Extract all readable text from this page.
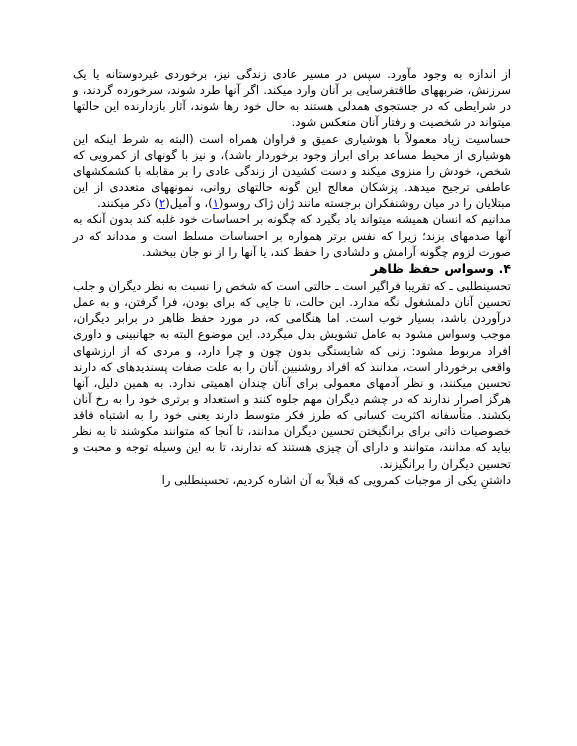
از اندازه به وجود مآورد. سپس در مسیر عادی زندگی نیز، برخوردی غیردوستانه یا یک سرزنش، ضربههای طاقتفرسایی بر آنان وارد میکند. اگر آنها طرد شوند، سرخورده گردند، و در شرایطی که در جستجوی همدلی هستند به حال خود رها شوند، آثار بازدارنده این حالتها میتواند در شخصیت و رفتار آنان منعکس شود.

حساسیت زیاد معمولاً با هوشیاری عمیق و فراوان همراه است (البته به شرط اینکه این هوشیاری از محیط مساعد برای ابراز وجود برخوردار باشد)، و نیز با گونهای از کمرویی که شخص، خودش را منزوی میکند و دست کشیدن از زندگی عادی را بر مقابله با کشمکشهای عاطفی ترجیح میدهد. پزشکان معالج این گونه حالتهای روانی، نمونههای متعددی از این مبتلایان را در میان روشنفکران برجسته مانند ژان ژاک روسو(۱)، و آمیل(۲) ذکر میکنند.

مدانیم که انسان همیشه میتواند یاد بگیرد که چگونه بر احساسات خود غلبه کند بدون آنکه به آنها صدمهای بزند؛ زیرا که نفس برتر همواره بر احساسات مسلط است و مدداند که در صورت لزوم چگونه آرامش و دلشادی را حفظ کند، یا آنها را از نو جان ببخشد.

۴. وسواس حفظ ظاهر

تحسینطلبی ـ که تقریبا فراگیر است ـ حالتی است که شخص را نسبت به نظر دیگران و جلب تحسین آنان دلمشغول نگه مدارد. این حالت، تا جایی که برای بودن، فرا گرفتن، و به عمل درآوردن باشد، بسیار خوب است. اما هنگامی که، در مورد حفظ ظاهر در برابر دیگران، موجب وسواس مشود به عامل تشویش بدل میگردد. این موضوع البته به جهانبینی و داوری افراد مربوط مشود: زنی که شایستگی بدون چون و چرا دارد، و مردی که از ارزشهای واقعی برخوردار است، مدانند که افراد روشنبین آنان را به علت صفات پسندیدهای که دارند تحسین میکنند، و نظر آدمهای معمولی برای آنان چندان اهمیتی ندارد. به همین دلیل، آنها هرگز اصرار ندارند که در چشم دیگران مهم جلوه کنند و استعداد و برتری خود را به رخ آنان بکشند. متأسفانه اکثریت کسانی که طرز فکر متوسط دارند یعنی خود را به اشتباه فاقد خصوصیات ذاتی برای برانگیختن تحسین دیگران مدانند، تا آنجا که متوانند مکوشند تا به نظر بیاید که مدانند، متوانند و دارای آن چیزی هستند که ندارند، تا به این وسیله توجه و محبت و تحسین دیگران را برانگیزند.

داشتنِ یکی از موجبات کمرویی که قبلاً به آن اشاره کردیم، تحسینطلبی را
